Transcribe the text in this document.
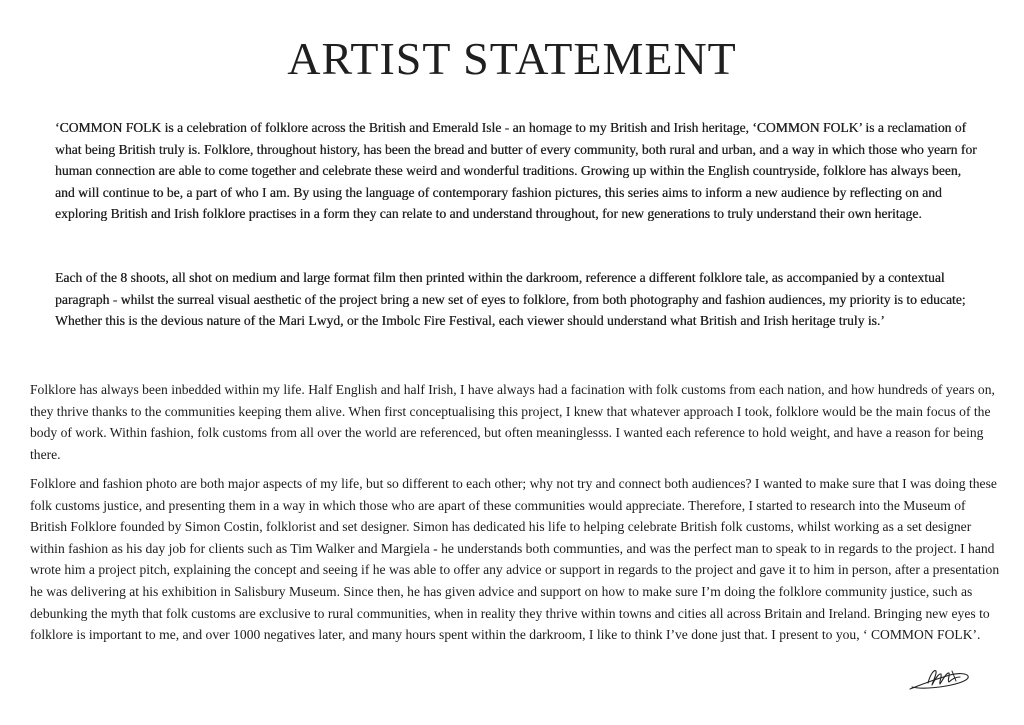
ARTIST STATEMENT
‘COMMON FOLK is a celebration of folklore across the British and Emerald Isle - an homage to my British and Irish heritage, ‘COMMON FOLK’ is a reclamation of what being British truly is. Folklore, throughout history, has been the bread and butter of every community, both rural and urban, and a way in which those who yearn for human connection are able to come together and celebrate these weird and wonderful traditions. Growing up within the English countryside, folklore has always been, and will continue to be, a part of who I am. By using the language of contemporary fashion pictures, this series aims to inform a new audience by reflecting on and exploring British and Irish folklore practises in a form they can relate to and understand throughout, for new generations to truly understand their own heritage.
Each of the 8 shoots, all shot on medium and large format film then printed within the darkroom, reference a different folklore tale, as accompanied by a contextual paragraph - whilst the surreal visual aesthetic of the project bring a new set of eyes to folklore, from both photography and fashion audiences, my priority is to educate; Whether this is the devious nature of the Mari Lwyd, or the Imbolc Fire Festival, each viewer should understand what British and Irish heritage truly is.’
Folklore has always been inbedded within my life. Half English and half Irish, I have always had a facination with folk customs from each nation, and how hundreds of years on, they thrive thanks to the communities keeping them alive. When first conceptualising this project, I knew that whatever approach I took, folklore would be the main focus of the body of work. Within fashion, folk customs from all over the world are referenced, but often meaninglesss. I wanted each reference to hold weight, and have a reason for being there.
Folklore and fashion photo are both major aspects of my life, but so different to each other; why not try and connect both audiences? I wanted to make sure that I was doing these folk customs justice, and presenting them in a way in which those who are apart of these communities would appreciate. Therefore, I started to research into the Museum of British Folklore founded by Simon Costin, folklorist and set designer. Simon has dedicated his life to helping celebrate British folk customs, whilst working as a set designer within fashion as his day job for clients such as Tim Walker and Margiela - he understands both communties, and was the perfect man to speak to in regards to the project. I hand wrote him a project pitch, explaining the concept and seeing if he was able to offer any advice or support in regards to the project and gave it to him in person, after a presentation he was delivering at his exhibition in Salisbury Museum. Since then, he has given advice and support on how to make sure I’m doing the folklore community justice, such as debunking the myth that folk customs are exclusive to rural communities, when in reality they thrive within towns and cities all across Britain and Ireland. Bringing new eyes to folklore is important to me, and over 1000 negatives later, and many hours spent within the darkroom, I like to think I’ve done just that. I present to you, ‘ COMMON FOLK’.
